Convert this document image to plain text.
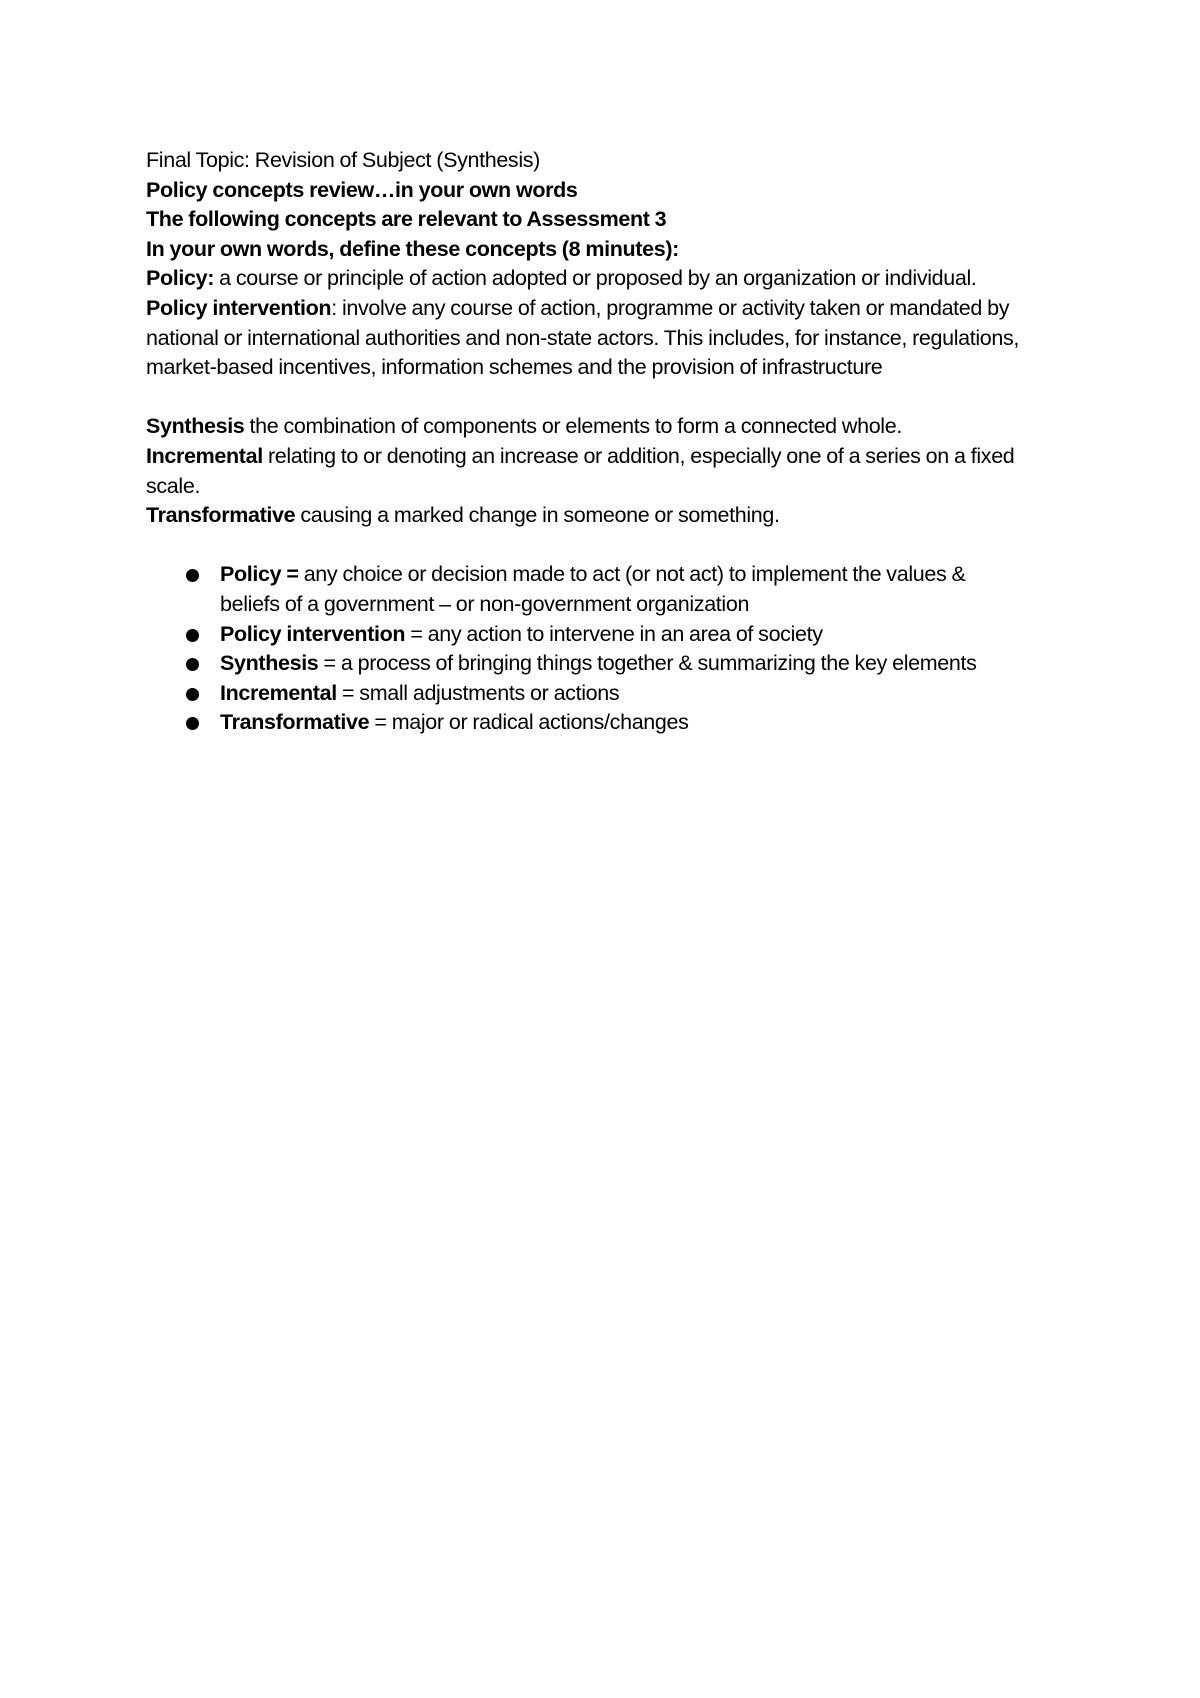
Final Topic: Revision of Subject (Synthesis)
Policy concepts review…in your own words
The following concepts are relevant to Assessment 3
In your own words, define these concepts (8 minutes):
Policy: a course or principle of action adopted or proposed by an organization or individual.
Policy intervention: involve any course of action, programme or activity taken or mandated by national or international authorities and non-state actors. This includes, for instance, regulations, market-based incentives, information schemes and the provision of infrastructure
Synthesis the combination of components or elements to form a connected whole.
Incremental relating to or denoting an increase or addition, especially one of a series on a fixed scale.
Transformative causing a marked change in someone or something.
Policy = any choice or decision made to act (or not act) to implement the values & beliefs of a government – or non-government organization
Policy intervention = any action to intervene in an area of society
Synthesis = a process of bringing things together & summarizing the key elements
Incremental = small adjustments or actions
Transformative = major or radical actions/changes
